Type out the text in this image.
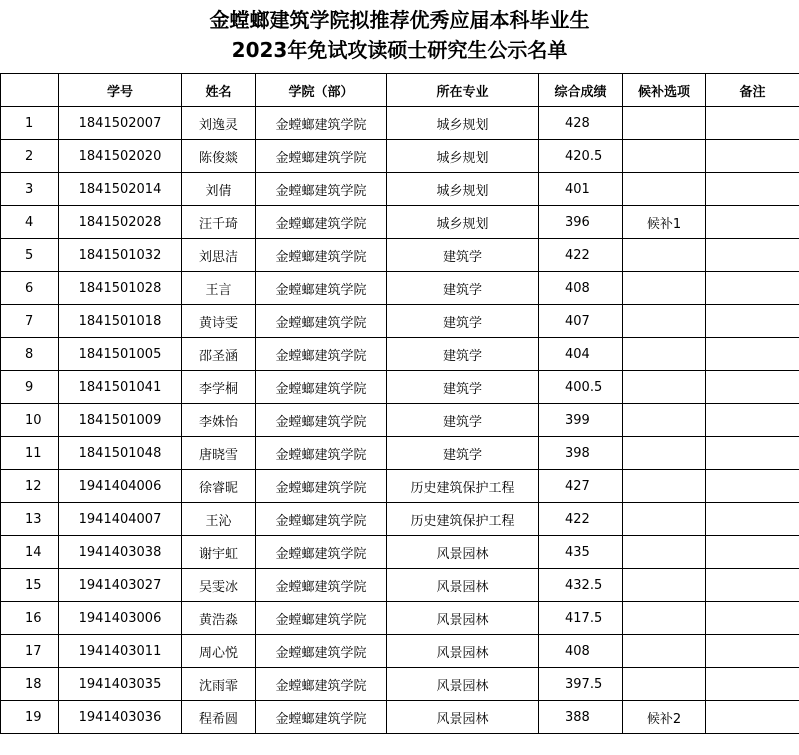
金螳螂建筑学院拟推荐优秀应届本科毕业生
2023年免试攻读硕士研究生公示名单
	学号	姓名	学院（部）	所在专业	综合成绩	候补选项	备注
1	1841502007	刘逸灵	金螳螂建筑学院	城乡规划	428		
2	1841502020	陈俊燚	金螳螂建筑学院	城乡规划	420.5		
3	1841502014	刘倩	金螳螂建筑学院	城乡规划	401		
4	1841502028	汪千琦	金螳螂建筑学院	城乡规划	396	候补1	
5	1841501032	刘思洁	金螳螂建筑学院	建筑学	422		
6	1841501028	王言	金螳螂建筑学院	建筑学	408		
7	1841501018	黄诗雯	金螳螂建筑学院	建筑学	407		
8	1841501005	邵圣涵	金螳螂建筑学院	建筑学	404		
9	1841501041	李学桐	金螳螂建筑学院	建筑学	400.5		
10	1841501009	李姝怡	金螳螂建筑学院	建筑学	399		
11	1841501048	唐晓雪	金螳螂建筑学院	建筑学	398		
12	1941404006	徐睿昵	金螳螂建筑学院	历史建筑保护工程	427		
13	1941404007	王沁	金螳螂建筑学院	历史建筑保护工程	422		
14	1941403038	谢宇虹	金螳螂建筑学院	风景园林	435		
15	1941403027	吴雯冰	金螳螂建筑学院	风景园林	432.5		
16	1941403006	黄浩淼	金螳螂建筑学院	风景园林	417.5		
17	1941403011	周心悦	金螳螂建筑学院	风景园林	408		
18	1941403035	沈雨霏	金螳螂建筑学院	风景园林	397.5		
19	1941403036	程希圆	金螳螂建筑学院	风景园林	388	候补2	
